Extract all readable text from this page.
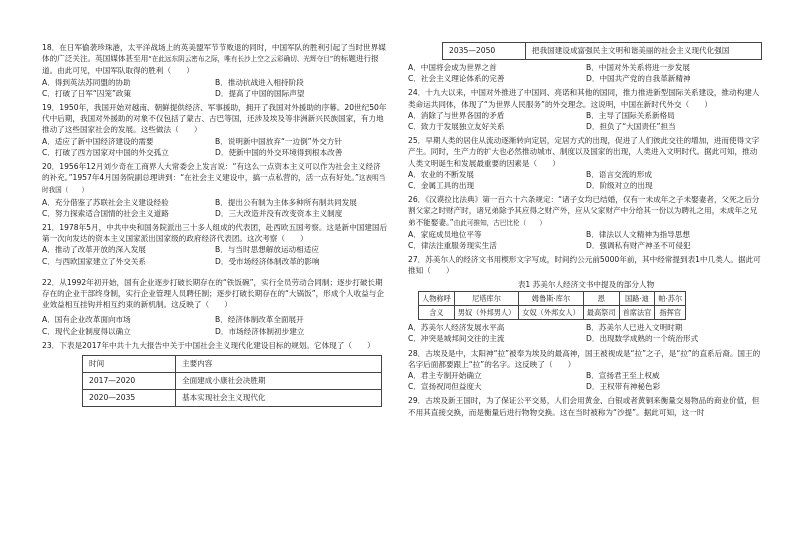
18．在日军偷袭珍珠港，太平洋战场上的英美盟军节节败退的同时，中国军队的胜利引起了当时世界媒体的广泛关注。英国媒体甚至用“在此远东阴云密布之际，唯有长沙上空之云彩确切、光辉夺目”的标题进行报道。由此可见，中国军队取得的胜利（　　）
A．得到英法苏同盟的协助	B．推动抗战进入相持阶段
C．打破了日军“囚笼”政策	D．提高了中国的国际声望
19．1950年，我国开始对越南、朝鲜提供经济、军事援助，拥开了我国对外援助的序幕。20世纪50年代中后期，我国对外援助的对象不仅包括了蒙古、古巴等国，还涉及埃及等非洲新兴民族国家，有力地推动了这些国家社会的发展。这些做法（　　）
A．适应了新中国经济建设的需要	B．说明新中国放弃“一边倒”外交方针
C．打破了西方国家对中国的外交孤立	D．使新中国的外交环境得到根本改善
20．1956年12月刘少奇在工商界人大常委会上发言说：“有这么一点资本主义可以作为社会主义经济的补充。”1957年4月国务院副总理讲到：“在社会主义建设中，搞一点私营的，活一点有好处。”这表明当时我国（　　）
A．充分借鉴了苏联社会主义建设经验	B．提出公有制为主体多种所有制共同发展
C．努力探索适合国情的社会主义道路	D．三大改造并没有改变资本主义制度
21．1978年5月，中共中央和国务院派出三十多人组成的代表团，赴西欧五国考察。这是新中国建国后第一次向发达的资本主义国家派出国家级的政府经济代表团。这次考察（　　）
A．推动了改革开放的深入发展	B．与当时思想解放运动相适应
C．与西欧国家建立了外交关系	D．受市场经济体制改革的影响
22．从1992年初开始，国有企业逐步打破长期存在的“铁饭碗”，实行全员劳动合同制；逐步打破长期存在的企业干部终身制，实行企业管理人员聘任制；逐步打破长期存在的“大锅饭”，形成个人收益与企业效益相互挂钩并相互约束的新机制。这反映了（　　）
A．国有企业改革面向市场	B．经济体制改革全面展开
C．现代企业制度得以确立	D．市场经济体制初步建立
23．下表是2017年中共十九大报告中关于中国社会主义现代化建设目标的规划。它体现了（　　）
时间	主要内容
2017—2020	全面建成小康社会决胜期
2020—2035	基本实现社会主义现代化
2035—2050	把我国建设成富强民主文明和谐美丽的社会主义现代化强国
A．中国将会成为世界之首	B．中国对外关系将进一步发展
C．社会主义理论体系的完善	D．中国共产党的自我革新精神
24．十九大以来，中国对外推进了中国同、亮诺和其他的国同，推力推进新型国际关系建设，推动构建人类命运共同体，体现了“为世界人民服务”的外交理念。这说明，中国在新时代外交（　　）
A．消除了与世界各国的矛盾	B．主导了国际关系新格局
C．致力于发展独立友好关系	D．担负了“大国责任”担当
25．早期人类的居住从流动逐渐转向定居，定居方式的出现，促进了人们彼此交往的增加，进而使得文字产生。同时，生产力的扩大也必然推动城市、制度以及国家的出现，人类进入文明时代。据此可知，推动人类文明诞生和发展最重要的因素是（　　）
A．农业的不断发展	B．语言交流的形成
C．金属工具的出现	D．阶级对立的出现
26．《汉谟拉比法典》第一百六十六条规定：“诸子女均已结婚，仅有一未成年之子未娶妻者，父死之后分割父家之时财产时，诸兄弟除予其应得之财产外，应从父家财产中分给其一份以为聘礼之用，未成年之兄弟不能娶妻。”由此可推知，古巴比伦（　　）
A．家庭成员地位平等	B．律法以人文精神为指导思想
C．律法注重服务现实生活	D．强调私有财产神圣不可侵犯
27．苏美尔人的经济文书用楔形文字写成，时间约公元前5000年前，其中经常提到表1中几类人。据此可推知（　　）
表1 苏美尔人经济文书中提及的部分人物
人物称呼	尼塔库尔	姆鲁斯·库尔	恩	国路·迪	帕·苏尔
含义	男奴（外邦男人）	女奴（外邦女人）	最高祭司	首席法官	指挥官
A．苏美尔人经济发展水平高	B．苏美尔人已进入文明时期
C．冲突是城邦间交往的主流	D．出现数学成熟的一个统治形式
28．古埃及是中，太阳神“拉”被奉为埃及的最高神，国王被视成是“拉”之子，是“拉”的直系后裔。国王的名字后面都要跟上“拉”的名字。这反映了（　　）
A．君主专制开始确立	B．宣扬君王至上权威
C．宣扬祝同但益度大	D．王权带有神秘色彩
29．古埃及新王国时，为了保证公平交易，人们会用黄金、白银或者黄铜来衡量交易物品的商业价值，但不用其直接交换，而是衡量后进行物物交换。这在当时被称为“沙提”。据此可知，这一时
